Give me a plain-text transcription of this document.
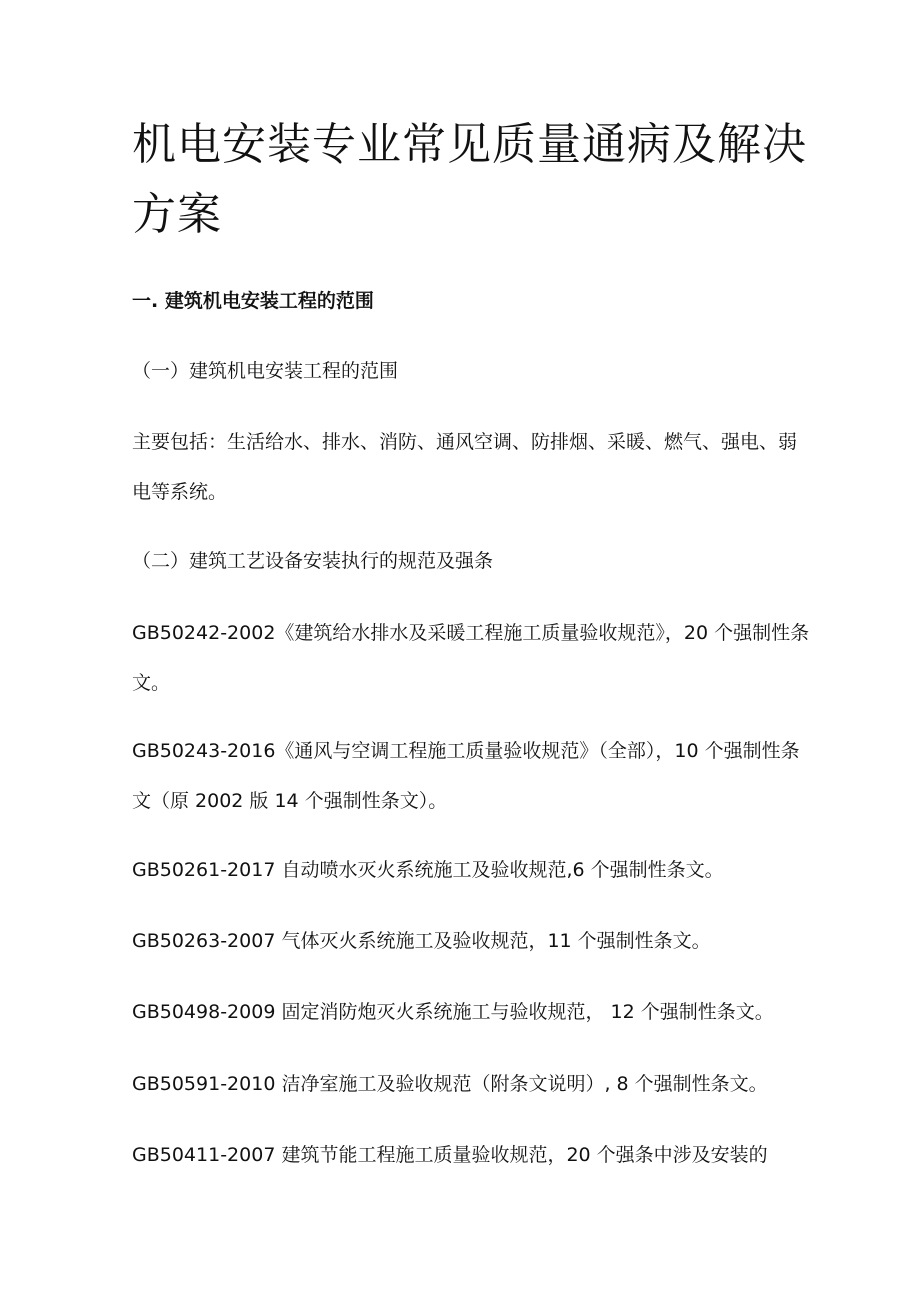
机电安装专业常见质量通病及解决方案
一. 建筑机电安装工程的范围

（一）建筑机电安装工程的范围

主要包括：生活给水、排水、消防、通风空调、防排烟、采暖、燃气、强电、弱电等系统。

（二）建筑工艺设备安装执行的规范及强条

GB50242-2002《建筑给水排水及采暖工程施工质量验收规范》，20 个强制性条文。

GB50243-2016《通风与空调工程施工质量验收规范》（全部），10 个强制性条文（原 2002 版 14 个强制性条文）。

GB50261-2017 自动喷水灭火系统施工及验收规范,6 个强制性条文。

GB50263-2007 气体灭火系统施工及验收规范，11 个强制性条文。

GB50498-2009 固定消防炮灭火系统施工与验收规范， 12 个强制性条文。

GB50591-2010 洁净室施工及验收规范（附条文说明）, 8 个强制性条文。

GB50411-2007 建筑节能工程施工质量验收规范，20 个强条中涉及安装的
